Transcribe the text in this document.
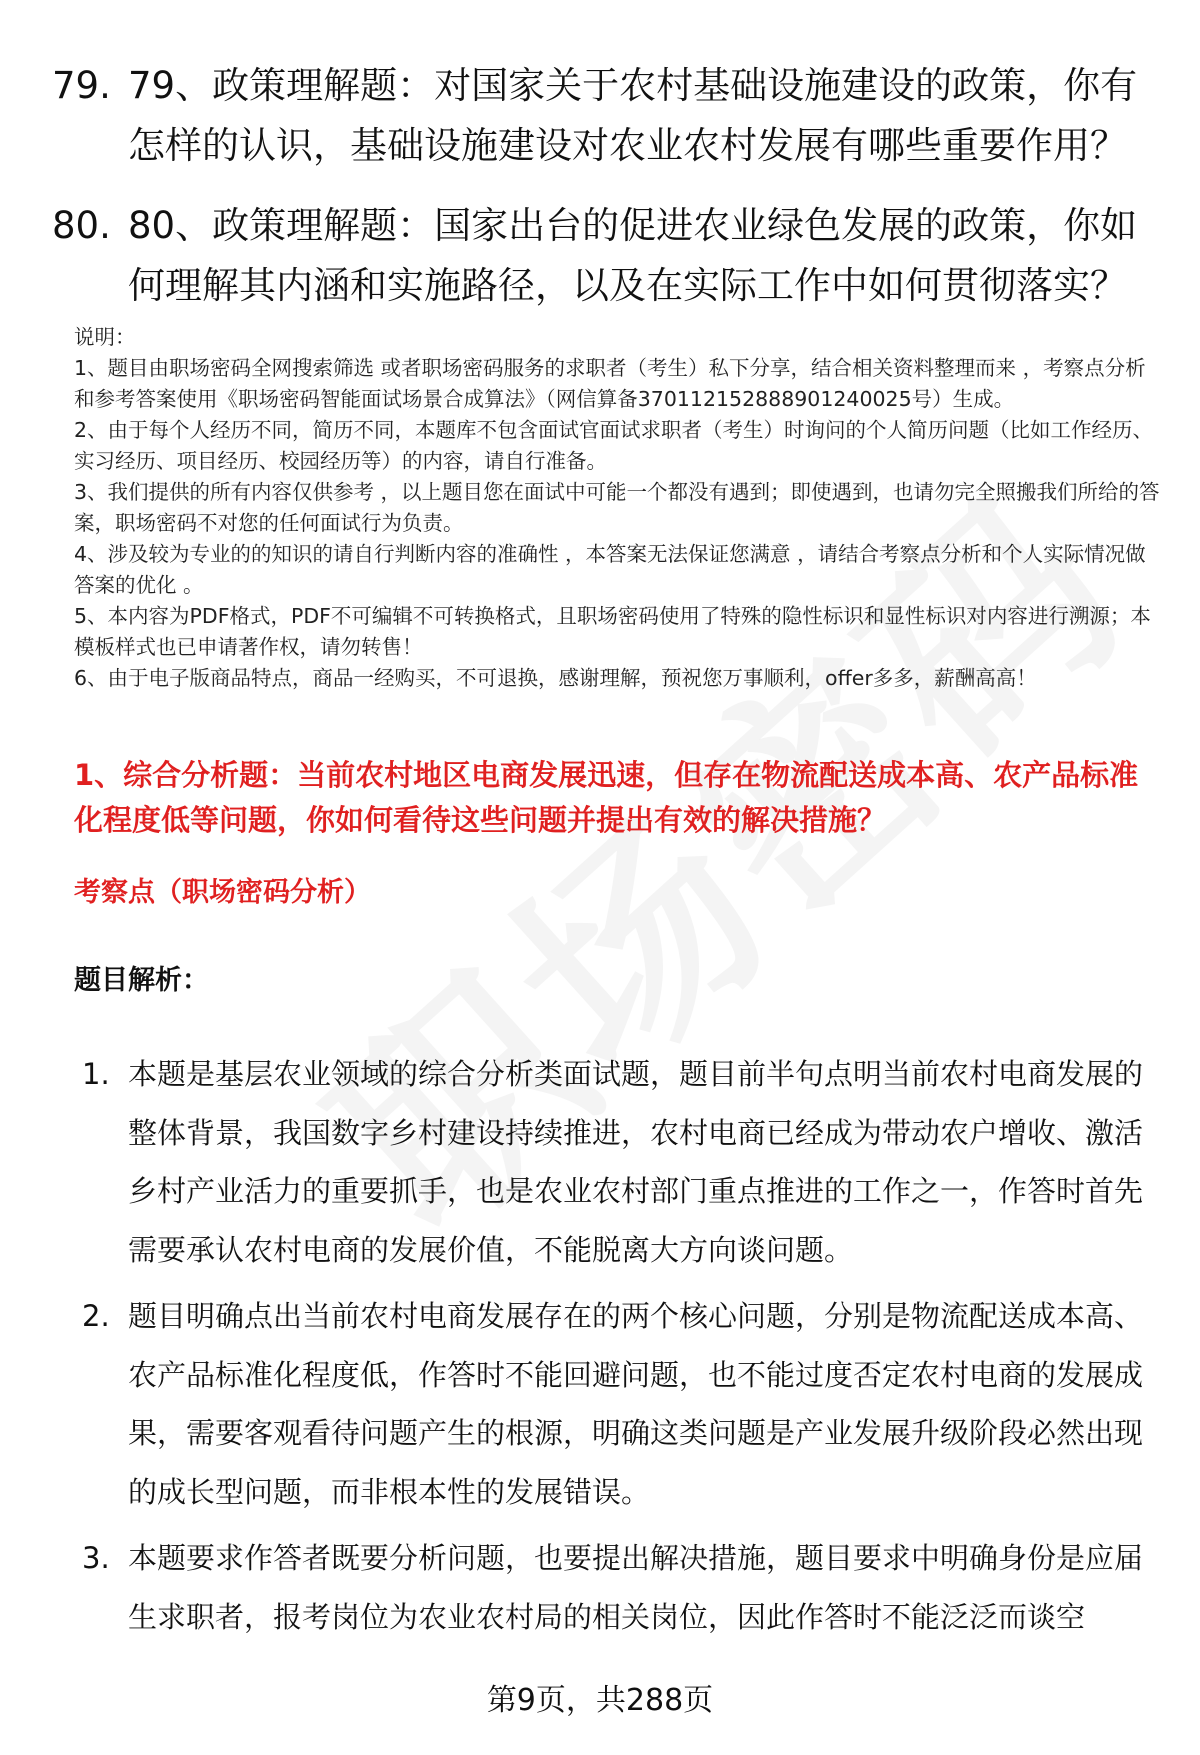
79. 79、政策理解题：对国家关于农村基础设施建设的政策，你有怎样的认识，基础设施建设对农业农村发展有哪些重要作用？
80. 80、政策理解题：国家出台的促进农业绿色发展的政策，你如何理解其内涵和实施路径，以及在实际工作中如何贯彻落实？

说明：

1、题目由职场密码全网搜索筛选 或者职场密码服务的求职者（考生）私下分享，结合相关资料整理而来 ，考察点分析和参考答案使用《职场密码智能面试场景合成算法》（网信算备370112152888901240025号）生成。

2、由于每个人经历不同，简历不同，本题库不包含面试官面试求职者（考生）时询问的个人简历问题（比如工作经历、实习经历、项目经历、校园经历等）的内容，请自行准备。

3、我们提供的所有内容仅供参考 ，以上题目您在面试中可能一个都没有遇到；即使遇到，也请勿完全照搬我们所给的答案，职场密码不对您的任何面试行为负责。

4、涉及较为专业的的知识的请自行判断内容的准确性 ，本答案无法保证您满意 ，请结合考察点分析和个人实际情况做答案的优化 。

5、本内容为PDF格式，PDF不可编辑不可转换格式，且职场密码使用了特殊的隐性标识和显性标识对内容进行溯源；本模板样式也已申请著作权，请勿转售！

6、由于电子版商品特点，商品一经购买，不可退换，感谢理解，预祝您万事顺利，offer多多，薪酬高高！

1、综合分析题：当前农村地区电商发展迅速，但存在物流配送成本高、农产品标准化程度低等问题，你如何看待这些问题并提出有效的解决措施？
考察点（职场密码分析）
题目解析：
1. 本题是基层农业领域的综合分析类面试题，题目前半句点明当前农村电商发展的整体背景，我国数字乡村建设持续推进，农村电商已经成为带动农户增收、激活乡村产业活力的重要抓手，也是农业农村部门重点推进的工作之一，作答时首先需要承认农村电商的发展价值，不能脱离大方向谈问题。
2. 题目明确点出当前农村电商发展存在的两个核心问题，分别是物流配送成本高、农产品标准化程度低，作答时不能回避问题，也不能过度否定农村电商的发展成果，需要客观看待问题产生的根源，明确这类问题是产业发展升级阶段必然出现的成长型问题，而非根本性的发展错误。
3. 本题要求作答者既要分析问题，也要提出解决措施，题目要求中明确身份是应届生求职者，报考岗位为农业农村局的相关岗位，因此作答时不能泛泛而谈空
第9页，共288页
